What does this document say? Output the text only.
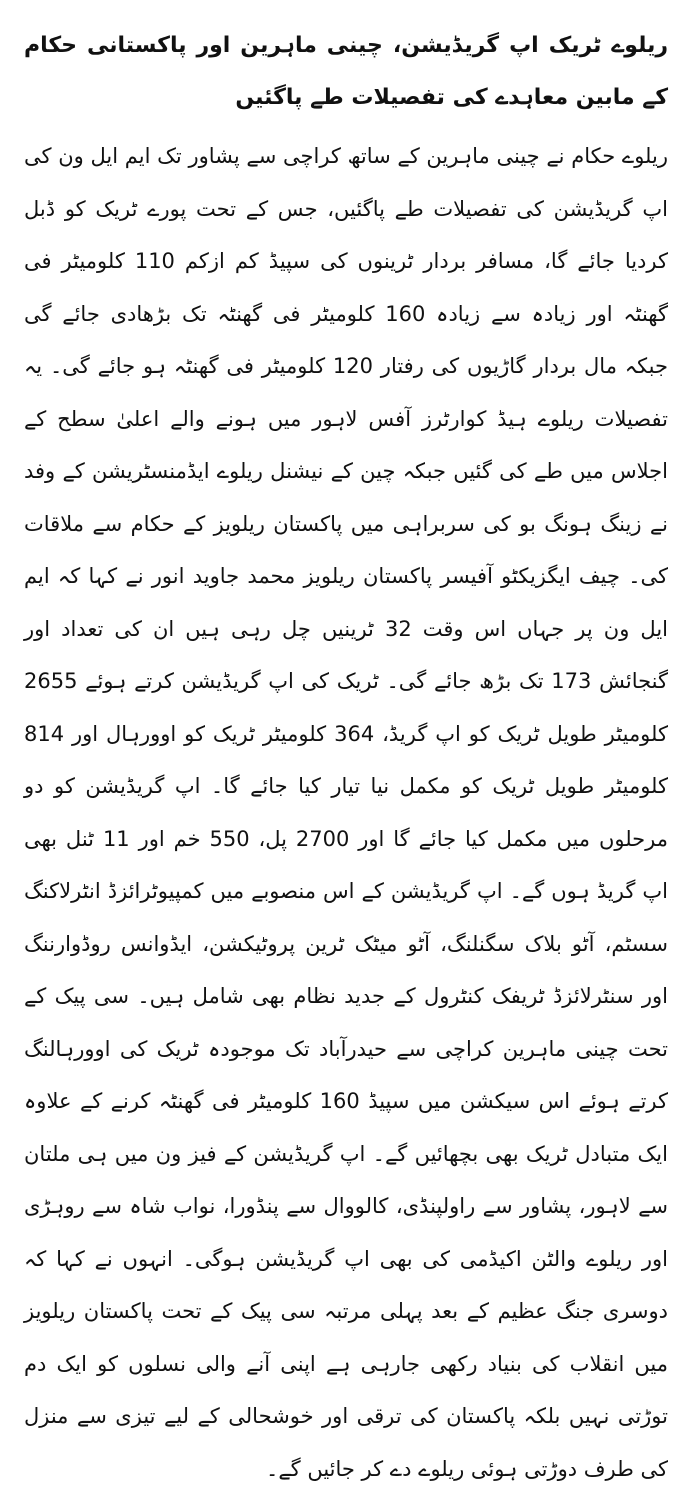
ریلوے ٹریک اپ گریڈیشن، چینی ماہرین اور پاکستانی حکام کے مابین معاہدے کی تفصیلات طے پاگئیں

ریلوے حکام نے چینی ماہرین کے ساتھ کراچی سے پشاور تک ایم ایل ون کی اپ گریڈیشن کی تفصیلات طے پاگئیں، جس کے تحت پورے ٹریک کو ڈبل کردیا جائے گا، مسافر بردار ٹرینوں کی سپیڈ کم ازکم 110 کلومیٹر فی گھنٹہ اور زیادہ سے زیادہ 160 کلومیٹر فی گھنٹہ تک بڑھادی جائے گی جبکہ مال بردار گاڑیوں کی رفتار 120 کلومیٹر فی گھنٹہ ہو جائے گی۔ یہ تفصیلات ریلوے ہیڈ کوارٹرز آفس لاہور میں ہونے والے اعلیٰ سطح کے اجلاس میں طے کی گئیں جبکہ چین کے نیشنل ریلوے ایڈمنسٹریشن کے وفد نے زینگ ہونگ بو کی سربراہی میں پاکستان ریلویز کے حکام سے ملاقات کی۔ چیف ایگزیکٹو آفیسر پاکستان ریلویز محمد جاوید انور نے کہا کہ ایم ایل ون پر جہاں اس وقت 32 ٹرینیں چل رہی ہیں ان کی تعداد اور گنجائش 173 تک بڑھ جائے گی۔ ٹریک کی اپ گریڈیشن کرتے ہوئے 2655 کلومیٹر طویل ٹریک کو اپ گریڈ، 364 کلومیٹر ٹریک کو اوورہال اور 814 کلومیٹر طویل ٹریک کو مکمل نیا تیار کیا جائے گا۔ اپ گریڈیشن کو دو مرحلوں میں مکمل کیا جائے گا اور 2700 پل، 550 خم اور 11 ٹنل بھی اپ گریڈ ہوں گے۔ اپ گریڈیشن کے اس منصوبے میں کمپیوٹرائزڈ انٹرلاکنگ سسٹم، آٹو بلاک سگنلنگ، آٹو میٹک ٹرین پروٹیکشن، ایڈوانس روڈوارننگ اور سنٹرلائزڈ ٹریفک کنٹرول کے جدید نظام بھی شامل ہیں۔ سی پیک کے تحت چینی ماہرین کراچی سے حیدرآباد تک موجودہ ٹریک کی اوورہالنگ کرتے ہوئے اس سیکشن میں سپیڈ 160 کلومیٹر فی گھنٹہ کرنے کے علاوہ ایک متبادل ٹریک بھی بچھائیں گے۔ اپ گریڈیشن کے فیز ون میں ہی ملتان سے لاہور، پشاور سے راولپنڈی، کالووال سے پنڈورا، نواب شاہ سے روہڑی اور ریلوے والٹن اکیڈمی کی بھی اپ گریڈیشن ہوگی۔ انہوں نے کہا کہ دوسری جنگ عظیم کے بعد پہلی مرتبہ سی پیک کے تحت پاکستان ریلویز میں انقلاب کی بنیاد رکھی جارہی ہے اپنی آنے والی نسلوں کو ایک دم توڑتی نہیں بلکہ پاکستان کی ترقی اور خوشحالی کے لیے تیزی سے منزل کی طرف دوڑتی ہوئی ریلوے دے کر جائیں گے۔
